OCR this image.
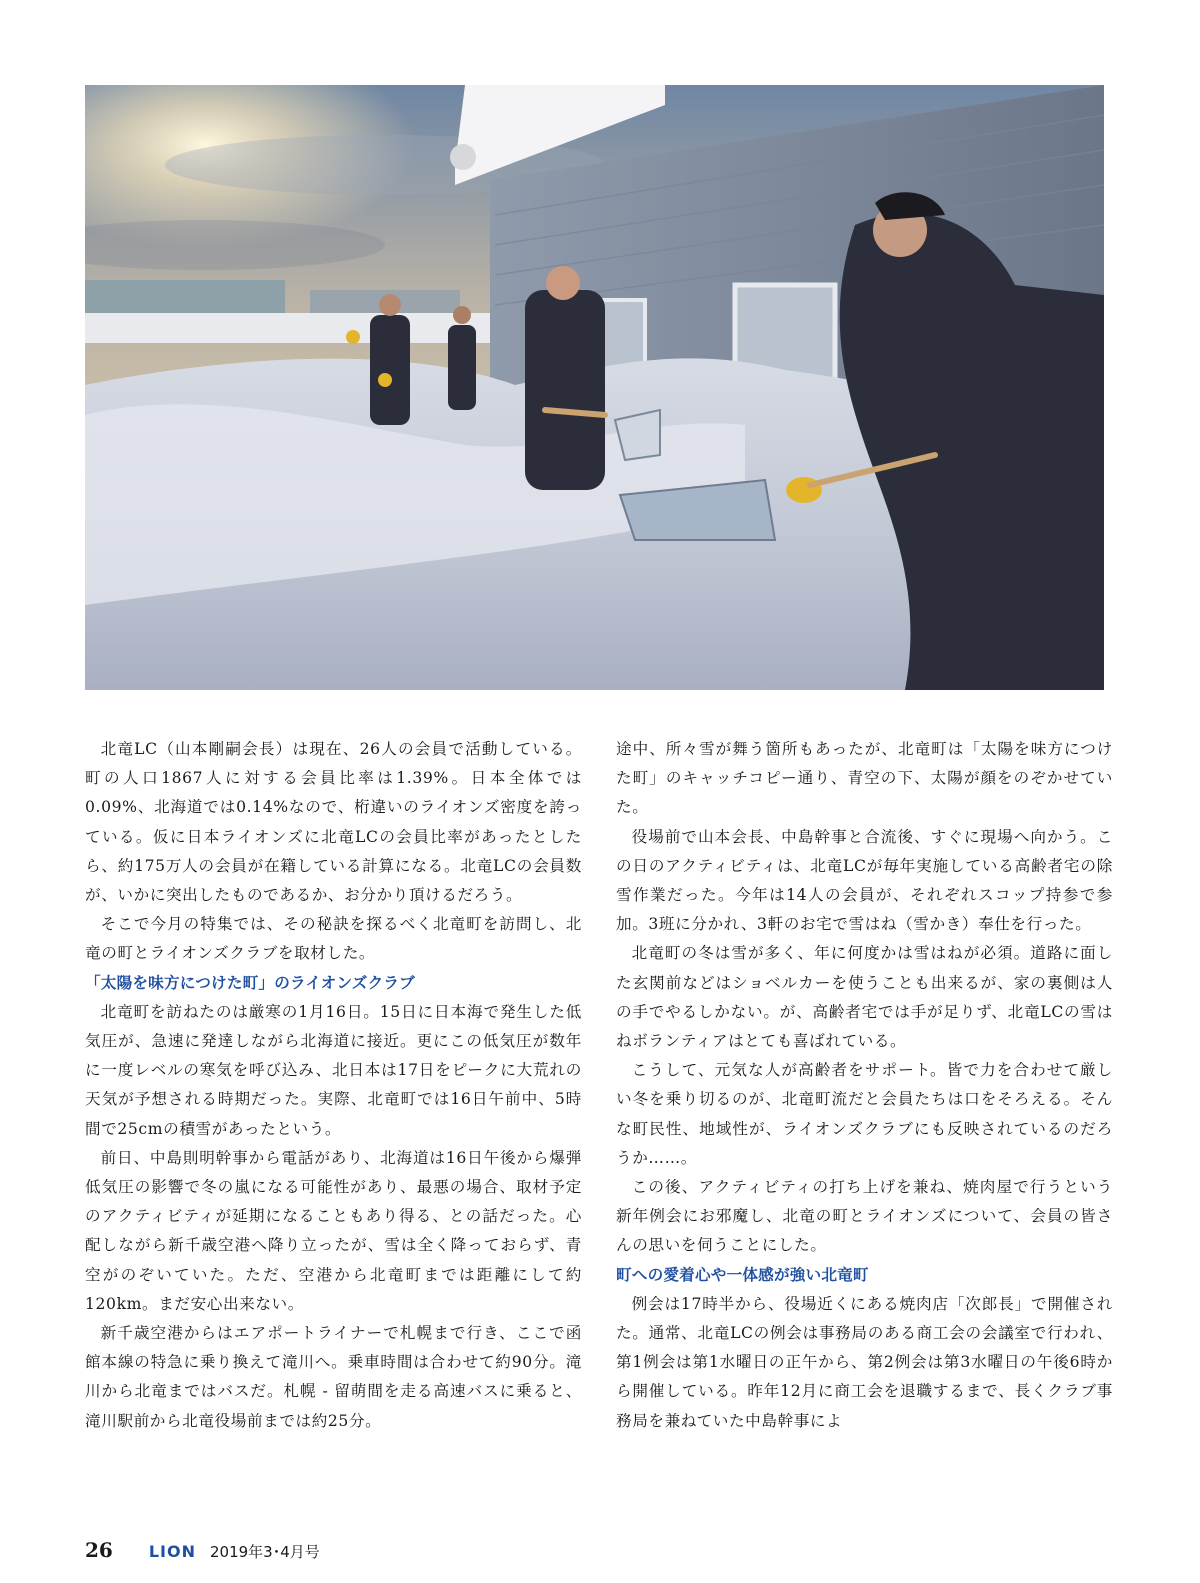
北竜LC（山本剛嗣会長）は現在、26人の会員で活動している。町の人口1867人に対する会員比率は1.39%。日本全体では0.09%、北海道では0.14%なので、桁違いのライオンズ密度を誇っている。仮に日本ライオンズに北竜LCの会員比率があったとしたら、約175万人の会員が在籍している計算になる。北竜LCの会員数が、いかに突出したものであるか、お分かり頂けるだろう。

そこで今月の特集では、その秘訣を探るべく北竜町を訪問し、北竜の町とライオンズクラブを取材した。

「太陽を味方につけた町」のライオンズクラブ

北竜町を訪ねたのは厳寒の1月16日。15日に日本海で発生した低気圧が、急速に発達しながら北海道に接近。更にこの低気圧が数年に一度レベルの寒気を呼び込み、北日本は17日をピークに大荒れの天気が予想される時期だった。実際、北竜町では16日午前中、5時間で25cmの積雪があったという。

前日、中島則明幹事から電話があり、北海道は16日午後から爆弾低気圧の影響で冬の嵐になる可能性があり、最悪の場合、取材予定のアクティビティが延期になることもあり得る、との話だった。心配しながら新千歳空港へ降り立ったが、雪は全く降っておらず、青空がのぞいていた。ただ、空港から北竜町までは距離にして約120km。まだ安心出来ない。

新千歳空港からはエアポートライナーで札幌まで行き、ここで函館本線の特急に乗り換えて滝川へ。乗車時間は合わせて約90分。滝川から北竜まではバスだ。札幌 - 留萌間を走る高速バスに乗ると、滝川駅前から北竜役場前までは約25分。

途中、所々雪が舞う箇所もあったが、北竜町は「太陽を味方につけた町」のキャッチコピー通り、青空の下、太陽が顔をのぞかせていた。

役場前で山本会長、中島幹事と合流後、すぐに現場へ向かう。この日のアクティビティは、北竜LCが毎年実施している高齢者宅の除雪作業だった。今年は14人の会員が、それぞれスコップ持参で参加。3班に分かれ、3軒のお宅で雪はね（雪かき）奉仕を行った。

北竜町の冬は雪が多く、年に何度かは雪はねが必須。道路に面した玄関前などはショベルカーを使うことも出来るが、家の裏側は人の手でやるしかない。が、高齢者宅では手が足りず、北竜LCの雪はねボランティアはとても喜ばれている。

こうして、元気な人が高齢者をサポート。皆で力を合わせて厳しい冬を乗り切るのが、北竜町流だと会員たちは口をそろえる。そんな町民性、地域性が、ライオンズクラブにも反映されているのだろうか……。

この後、アクティビティの打ち上げを兼ね、焼肉屋で行うという新年例会にお邪魔し、北竜の町とライオンズについて、会員の皆さんの思いを伺うことにした。

町への愛着心や一体感が強い北竜町

例会は17時半から、役場近くにある焼肉店「次郎長」で開催された。通常、北竜LCの例会は事務局のある商工会の会議室で行われ、第1例会は第1水曜日の正午から、第2例会は第3水曜日の午後6時から開催している。昨年12月に商工会を退職するまで、長くクラブ事務局を兼ねていた中島幹事によ

26 LION 2019年3･4月号
